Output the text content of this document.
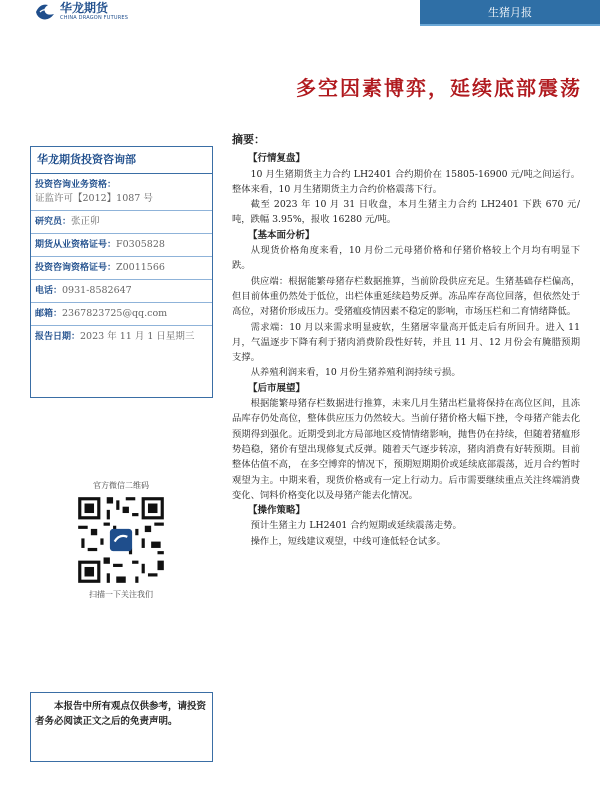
华龙期货
CHINA DRAGON FUTURES	生猪月报
多空因素博弈，延续底部震荡
华龙期货投资咨询部
投资咨询业务资格：
证监许可【2012】1087 号
研究员：张正卯
期货从业资格证号：F0305828
投资咨询资格证号：Z0011566
电话：0931-8582647
邮箱：2367823725@qq.com
报告日期：2023 年 11 月 1 日星期三
官方微信二维码
扫描一下关注我们
本报告中所有观点仅供参考，请投资者务必阅读正文之后的免责声明。
摘要：
【行情复盘】

10 月生猪期货主力合约 LH2401 合约期价在 15805-16900 元/吨之间运行。整体来看，10 月生猪期货主力合约价格震荡下行。

截至 2023 年 10 月 31 日收盘，本月生猪主力合约 LH2401 下跌 670 元/吨，跌幅 3.95%，报收 16280 元/吨。

【基本面分析】

从现货价格角度来看，10 月份二元母猪价格和仔猪价格较上个月均有明显下跌。

供应端：根据能繁母猪存栏数据推算，当前阶段供应充足。生猪基础存栏偏高，但目前体重仍然处于低位，出栏体重延续趋势反弹。冻品库存高位回落，但依然处于高位，对猪价形成压力。受猪瘟疫情因素不稳定的影响，市场压栏和二育情绪降低。

需求端：10 月以来需求明显疲软，生猪屠宰量高开低走后有所回升。进入 11 月，气温逐步下降有利于猪肉消费阶段性好转，并且 11 月、12 月份会有腌腊预期支撑。

从养殖利润来看，10 月份生猪养殖利润持续亏损。

【后市展望】

根据能繁母猪存栏数据进行推算，未来几月生猪出栏量将保持在高位区间，且冻品库存仍处高位，整体供应压力仍然较大。当前仔猪价格大幅下挫，令母猪产能去化预期得到强化。近期受到北方局部地区疫情情绪影响，抛售仍在持续，但随着猪瘟形势趋稳，猪价有望出现修复式反弹。随着天气逐步转凉，猪肉消费有好转预期。目前整体估值不高， 在多空博弈的情况下，预期短期期价或延续底部震荡，近月合约暂时观望为主。中期来看，现货价格或有一定上行动力。后市需要继续重点关注终端消费变化、饲料价格变化以及母猪产能去化情况。

【操作策略】

预计生猪主力 LH2401 合约短期或延续震荡走势。

操作上，短线建议观望，中线可逢低轻仓试多。
